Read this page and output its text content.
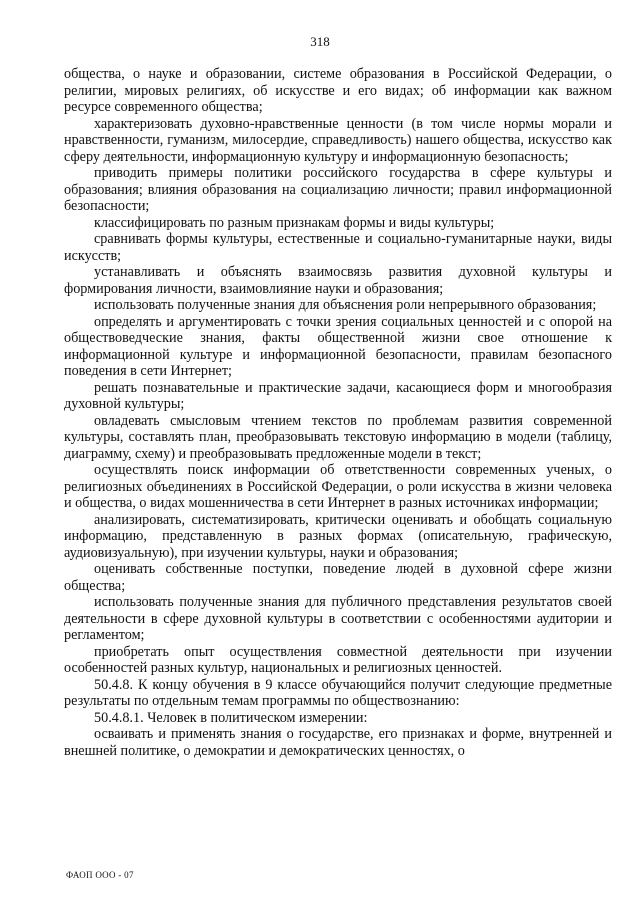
318

общества, о науке и образовании, системе образования в Российской Федерации, о религии, мировых религиях, об искусстве и его видах; об информации как важном ресурсе современного общества;

характеризовать духовно-нравственные ценности (в том числе нормы морали и нравственности, гуманизм, милосердие, справедливость) нашего общества, искусство как сферу деятельности, информационную культуру и информационную безопасность;

приводить примеры политики российского государства в сфере культуры и образования; влияния образования на социализацию личности; правил информационной безопасности;

классифицировать по разным признакам формы и виды культуры;

сравнивать формы культуры, естественные и социально-гуманитарные науки, виды искусств;

устанавливать и объяснять взаимосвязь развития духовной культуры и формирования личности, взаимовлияние науки и образования;

использовать полученные знания для объяснения роли непрерывного образования;

определять и аргументировать с точки зрения социальных ценностей и с опорой на обществоведческие знания, факты общественной жизни свое отношение к информационной культуре и информационной безопасности, правилам безопасного поведения в сети Интернет;

решать познавательные и практические задачи, касающиеся форм и многообразия духовной культуры;

овладевать смысловым чтением текстов по проблемам развития современной культуры, составлять план, преобразовывать текстовую информацию в модели (таблицу, диаграмму, схему) и преобразовывать предложенные модели в текст;

осуществлять поиск информации об ответственности современных ученых, о религиозных объединениях в Российской Федерации, о роли искусства в жизни человека и общества, о видах мошенничества в сети Интернет в разных источниках информации;

анализировать, систематизировать, критически оценивать и обобщать социальную информацию, представленную в разных формах (описательную, графическую, аудиовизуальную), при изучении культуры, науки и образования;

оценивать собственные поступки, поведение людей в духовной сфере жизни общества;

использовать полученные знания для публичного представления результатов своей деятельности в сфере духовной культуры в соответствии с особенностями аудитории и регламентом;

приобретать опыт осуществления совместной деятельности при изучении особенностей разных культур, национальных и религиозных ценностей.

50.4.8. К концу обучения в 9 классе обучающийся получит следующие предметные результаты по отдельным темам программы по обществознанию:

50.4.8.1. Человек в политическом измерении:

осваивать и применять знания о государстве, его признаках и форме, внутренней и внешней политике, о демократии и демократических ценностях, о

ФАОП ООО - 07
